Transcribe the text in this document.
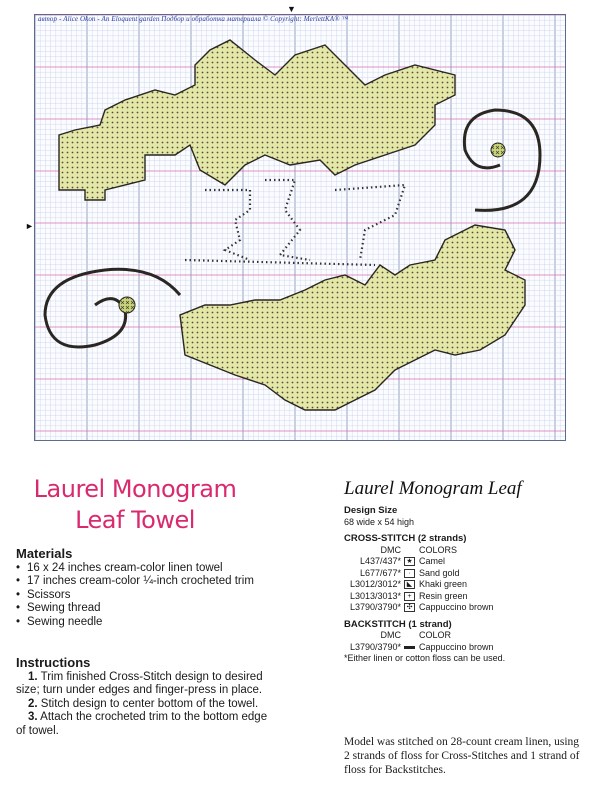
автор - Alice Okon - An Eloquent garden Подбор и обработка материала © Copyright: MerlettKA® ™
▼
►
Laurel Monogram
Leaf Towel
Materials
• 16 x 24 inches cream-color linen towel
• 17 inches cream-color ¼-inch crocheted trim
• Scissors
• Sewing thread
• Sewing needle
Instructions
1. Trim finished Cross-Stitch design to desired size; turn under edges and finger-press in place.
2. Stitch design to center bottom of the towel.
3. Attach the crocheted trim to the bottom edge of towel.
Laurel Monogram Leaf
Design Size
68 wide x 54 high
CROSS-STITCH (2 strands)
DMC COLORS
L437/437* ★ Camel
L677/677*	· Sand gold
L3012/3012* ◣ Khaki green
L3013/3013* + Resin green
L3790/3790* ✣ Cappuccino brown
BACKSTITCH (1 strand)
DMC COLOR
L3790/3790* Cappuccino brown
*Either linen or cotton floss can be used.
Model was stitched on 28-count cream linen, using 2 strands of floss for Cross-Stitches and 1 strand of floss for Backstitches.
